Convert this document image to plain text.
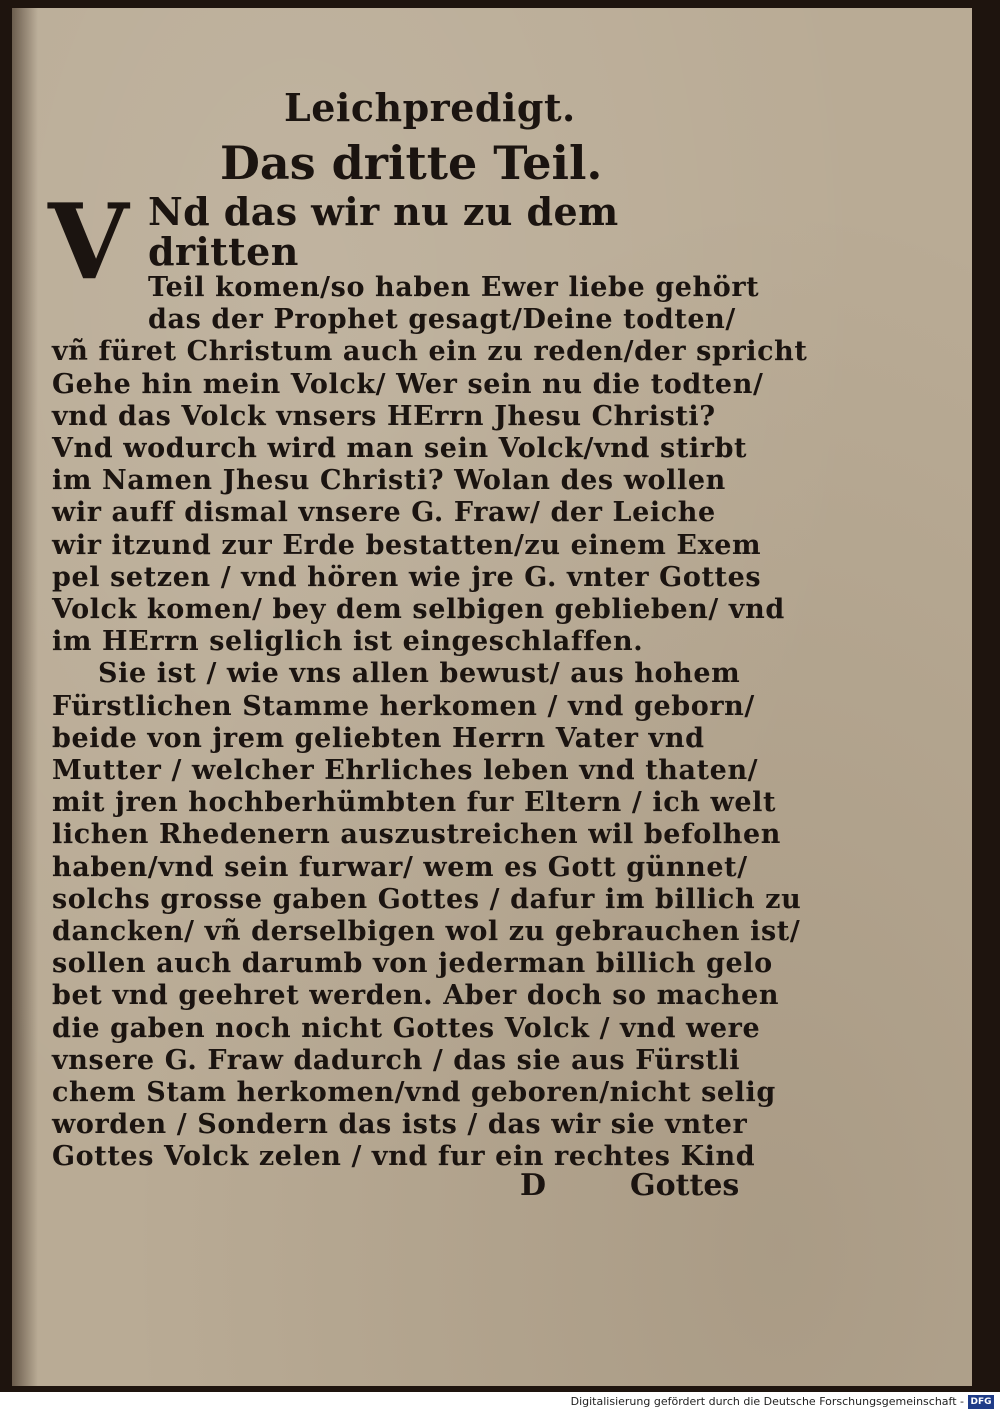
Leichpredigt.
Das dritte Teil.
V Nd das wir nu zu dem dritten
Teil komen/so haben Ewer liebe gehört
das der Prophet gesagt/Deine todten/
vñ füret Christum auch ein zu reden/der spricht
Gehe hin mein Volck/ Wer sein nu die todten/
vnd das Volck vnsers HErrn Jhesu Christi?
Vnd wodurch wird man sein Volck/vnd stirbt
im Namen Jhesu Christi? Wolan des wollen
wir auff dismal vnsere G. Fraw/ der Leiche
wir itzund zur Erde bestatten/zu einem Exem
pel setzen / vnd hören wie jre G. vnter Gottes
Volck komen/ bey dem selbigen geblieben/ vnd
im HErrn seliglich ist eingeschlaffen.
Sie ist / wie vns allen bewust/ aus hohem
Fürstlichen Stamme herkomen / vnd geborn/
beide von jrem geliebten Herrn Vater vnd
Mutter / welcher Ehrliches leben vnd thaten/
mit jren hochberhümbten fur Eltern / ich welt
lichen Rhedenern auszustreichen wil befolhen
haben/vnd sein furwar/ wem es Gott günnet/
solchs grosse gaben Gottes / dafur im billich zu
dancken/ vñ derselbigen wol zu gebrauchen ist/
sollen auch darumb von jederman billich gelo
bet vnd geehret werden. Aber doch so machen
die gaben noch nicht Gottes Volck / vnd were
vnsere G. Fraw dadurch / das sie aus Fürstli
chem Stam herkomen/vnd geboren/nicht selig
worden / Sondern das ists / das wir sie vnter
Gottes Volck zelen / vnd fur ein rechtes Kind
D	Gottes
Digitalisierung gefördert durch die Deutsche Forschungsgemeinschaft - DFG
